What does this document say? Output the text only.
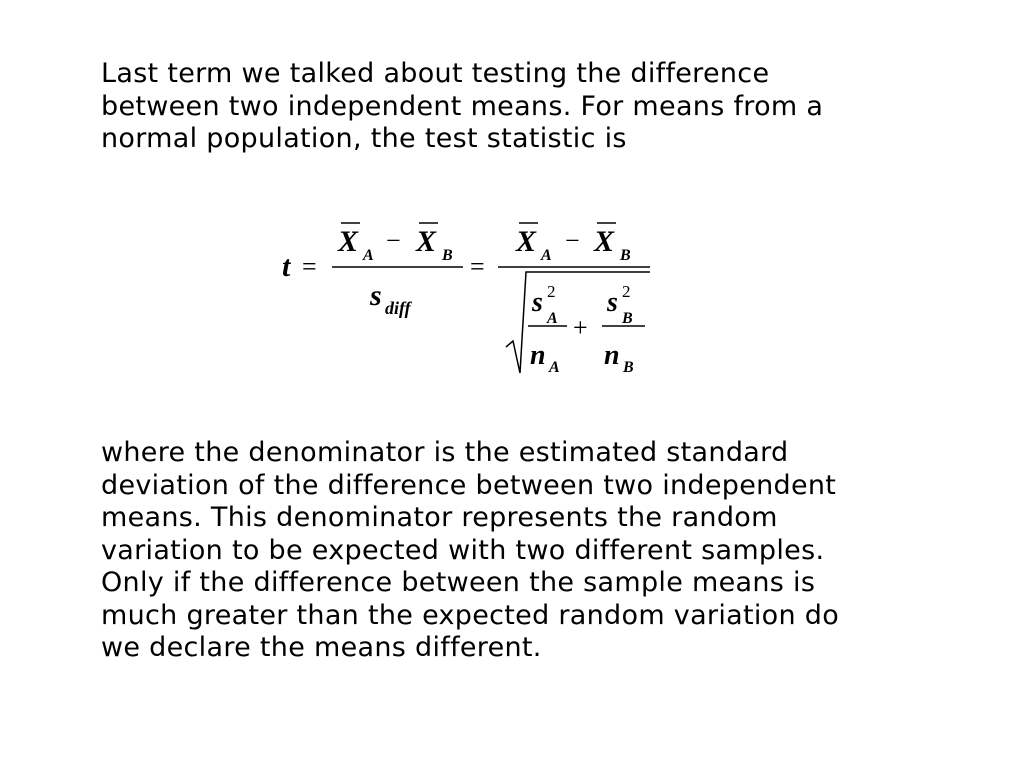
Last term we talked about testing the difference
between two independent means. For means from a
normal population, the test statistic is

t =
X A
− X B
s diff
=
X A
− X B
s 2
A
n A
+
s 2
B
n B

where the denominator is the estimated standard
deviation of the difference between two independent
means. This denominator represents the random
variation to be expected with two different samples.
Only if the difference between the sample means is
much greater than the expected random variation do
we declare the means different.
